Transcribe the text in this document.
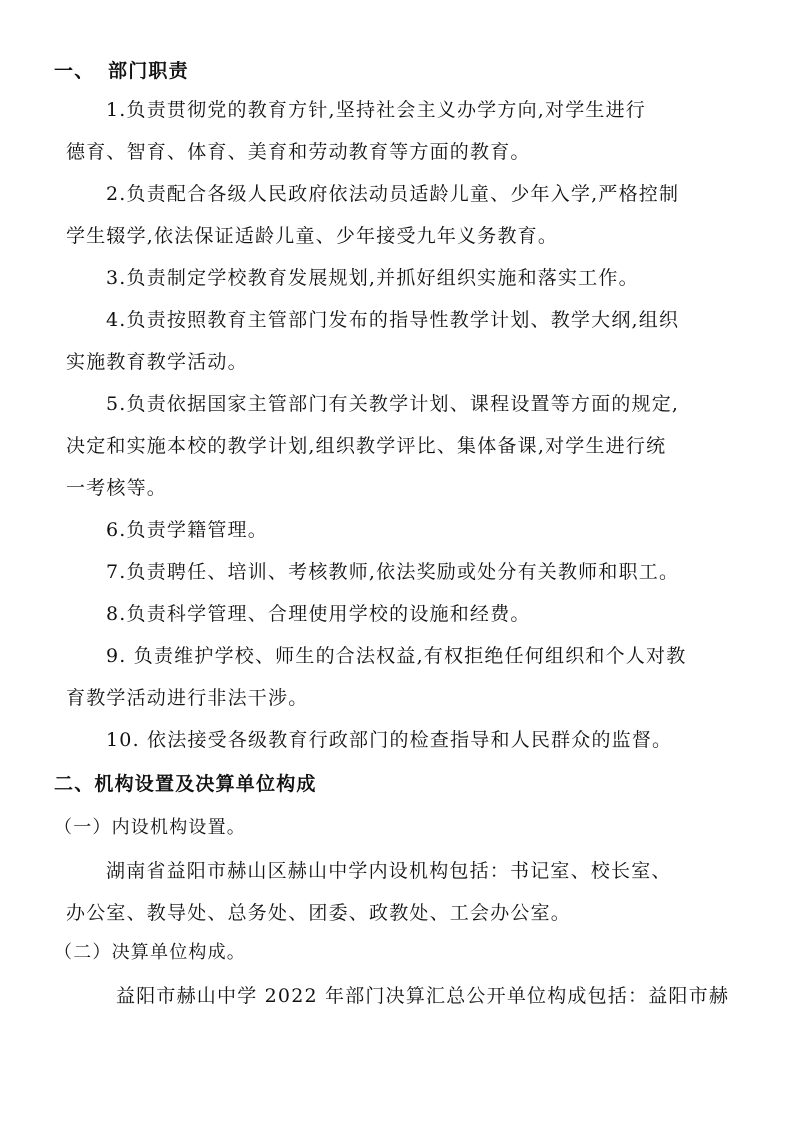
一、 部门职责
1.负责贯彻党的教育方针,坚持社会主义办学方向,对学生进行
德育、智育、体育、美育和劳动教育等方面的教育。
2.负责配合各级人民政府依法动员适龄儿童、少年入学,严格控制
学生辍学,依法保证适龄儿童、少年接受九年义务教育。
3.负责制定学校教育发展规划,并抓好组织实施和落实工作。
4.负责按照教育主管部门发布的指导性教学计划、教学大纲,组织
实施教育教学活动。
5.负责依据国家主管部门有关教学计划、课程设置等方面的规定,
决定和实施本校的教学计划,组织教学评比、集体备课,对学生进行统
一考核等。
6.负责学籍管理。
7.负责聘任、培训、考核教师,依法奖励或处分有关教师和职工。
8.负责科学管理、合理使用学校的设施和经费。
9. 负责维护学校、师生的合法权益,有权拒绝任何组织和个人对教
育教学活动进行非法干涉。
10. 依法接受各级教育行政部门的检查指导和人民群众的监督。
二、机构设置及决算单位构成
（一）内设机构设置。
湖南省益阳市赫山区赫山中学内设机构包括：书记室、校长室、
办公室、教导处、总务处、团委、政教处、工会办公室。
（二）决算单位构成。
益阳市赫山中学 2022 年部门决算汇总公开单位构成包括：益阳市赫
